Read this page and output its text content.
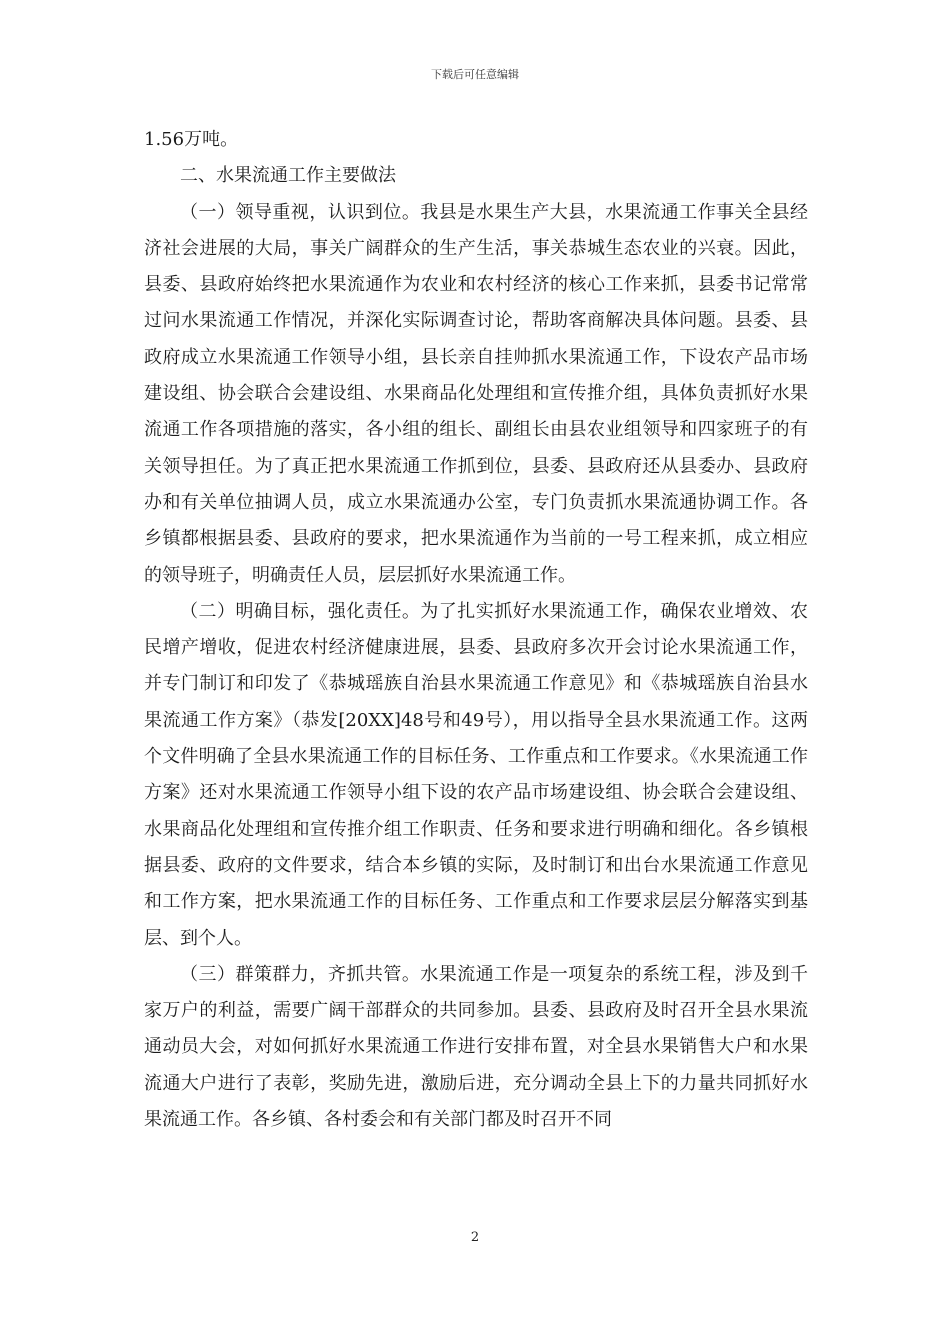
下载后可任意编辑

1.56万吨。

二、水果流通工作主要做法

（一）领导重视，认识到位。我县是水果生产大县，水果流通工作事关全县经济社会进展的大局，事关广阔群众的生产生活，事关恭城生态农业的兴衰。因此，县委、县政府始终把水果流通作为农业和农村经济的核心工作来抓，县委书记常常过问水果流通工作情况，并深化实际调查讨论，帮助客商解决具体问题。县委、县政府成立水果流通工作领导小组，县长亲自挂帅抓水果流通工作，下设农产品市场建设组、协会联合会建设组、水果商品化处理组和宣传推介组，具体负责抓好水果流通工作各项措施的落实，各小组的组长、副组长由县农业组领导和四家班子的有关领导担任。为了真正把水果流通工作抓到位，县委、县政府还从县委办、县政府办和有关单位抽调人员，成立水果流通办公室，专门负责抓水果流通协调工作。各乡镇都根据县委、县政府的要求，把水果流通作为当前的一号工程来抓，成立相应的领导班子，明确责任人员，层层抓好水果流通工作。

（二）明确目标，强化责任。为了扎实抓好水果流通工作，确保农业增效、农民增产增收，促进农村经济健康进展，县委、县政府多次开会讨论水果流通工作，并专门制订和印发了《恭城瑶族自治县水果流通工作意见》和《恭城瑶族自治县水果流通工作方案》（恭发[20XX]48号和49号），用以指导全县水果流通工作。这两个文件明确了全县水果流通工作的目标任务、工作重点和工作要求。《水果流通工作方案》还对水果流通工作领导小组下设的农产品市场建设组、协会联合会建设组、水果商品化处理组和宣传推介组工作职责、任务和要求进行明确和细化。各乡镇根据县委、政府的文件要求，结合本乡镇的实际，及时制订和出台水果流通工作意见和工作方案，把水果流通工作的目标任务、工作重点和工作要求层层分解落实到基层、到个人。

（三）群策群力，齐抓共管。水果流通工作是一项复杂的系统工程，涉及到千家万户的利益，需要广阔干部群众的共同参加。县委、县政府及时召开全县水果流通动员大会，对如何抓好水果流通工作进行安排布置，对全县水果销售大户和水果流通大户进行了表彰，奖励先进，激励后进，充分调动全县上下的力量共同抓好水果流通工作。各乡镇、各村委会和有关部门都及时召开不同

2
